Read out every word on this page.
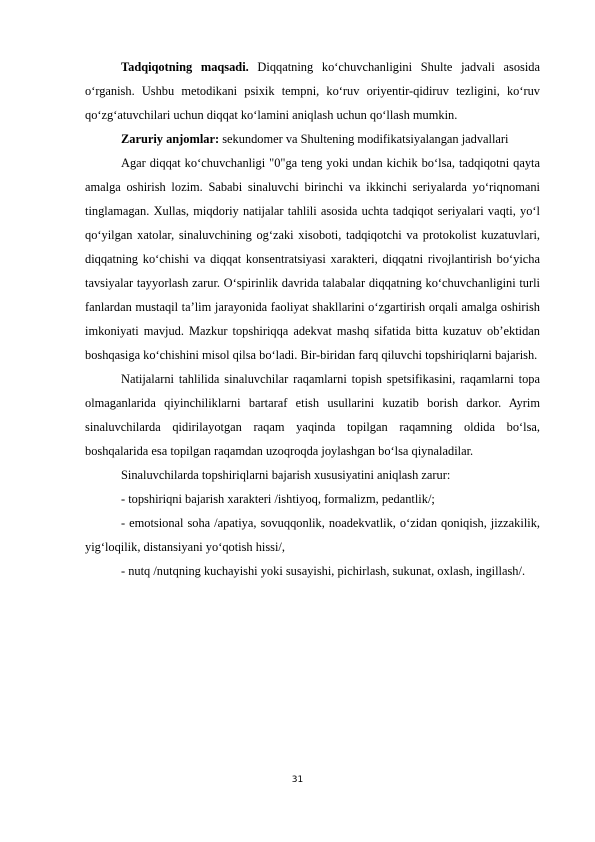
Tadqiqotning maqsadi. Diqqatning ko‘chuvchanligini Shulte jadvali asosida o‘rganish. Ushbu metodikani psixik tempni, ko‘ruv oriyentir-qidiruv tezligini, ko‘ruv qo‘zg‘atuvchilari uchun diqqat ko‘lamini aniqlash uchun qo‘llash mumkin.

Zaruriy anjomlar: sekundomer va Shultening modifikatsiyalangan jadvallari

Agar diqqat ko‘chuvchanligi "0"ga teng yoki undan kichik bo‘lsa, tadqiqotni qayta amalga oshirish lozim. Sababi sinaluvchi birinchi va ikkinchi seriyalarda yo‘riqnomani tinglamagan. Xullas, miqdoriy natijalar tahlili asosida uchta tadqiqot seriyalari vaqti, yo‘l qo‘yilgan xatolar, sinaluvchining og‘zaki xisoboti, tadqiqotchi va protokolist kuzatuvlari, diqqatning ko‘chishi va diqqat konsentratsiyasi xarakteri, diqqatni rivojlantirish bo‘yicha tavsiyalar tayyorlash zarur. O‘spirinlik davrida talabalar diqqatning ko‘chuvchanligini turli fanlardan mustaqil ta’lim jarayonida faoliyat shakllarini o‘zgartirish orqali amalga oshirish imkoniyati mavjud. Mazkur topshiriqqa adekvat mashq sifatida bitta kuzatuv ob’ektidan boshqasiga ko‘chishini misol qilsa bo‘ladi. Bir-biridan farq qiluvchi topshiriqlarni bajarish.

Natijalarni tahlilida sinaluvchilar raqamlarni topish spetsifikasini, raqamlarni topa olmaganlarida qiyinchiliklarni bartaraf etish usullarini kuzatib borish darkor. Ayrim sinaluvchilarda qidirilayotgan raqam yaqinda topilgan raqamning oldida bo‘lsa, boshqalarida esa topilgan raqamdan uzoqroqda joylashgan bo‘lsa qiynaladilar.

Sinaluvchilarda topshiriqlarni bajarish xususiyatini aniqlash zarur:

- topshiriqni bajarish xarakteri /ishtiyoq, formalizm, pedantlik/;

- emotsional soha /apatiya, sovuqqonlik, noadekvatlik, o‘zidan qoniqish, jizzakilik, yig‘loqilik, distansiyani yo‘qotish hissi/,

- nutq /nutqning kuchayishi yoki susayishi, pichirlash, sukunat, oxlash, ingillash/.

31
